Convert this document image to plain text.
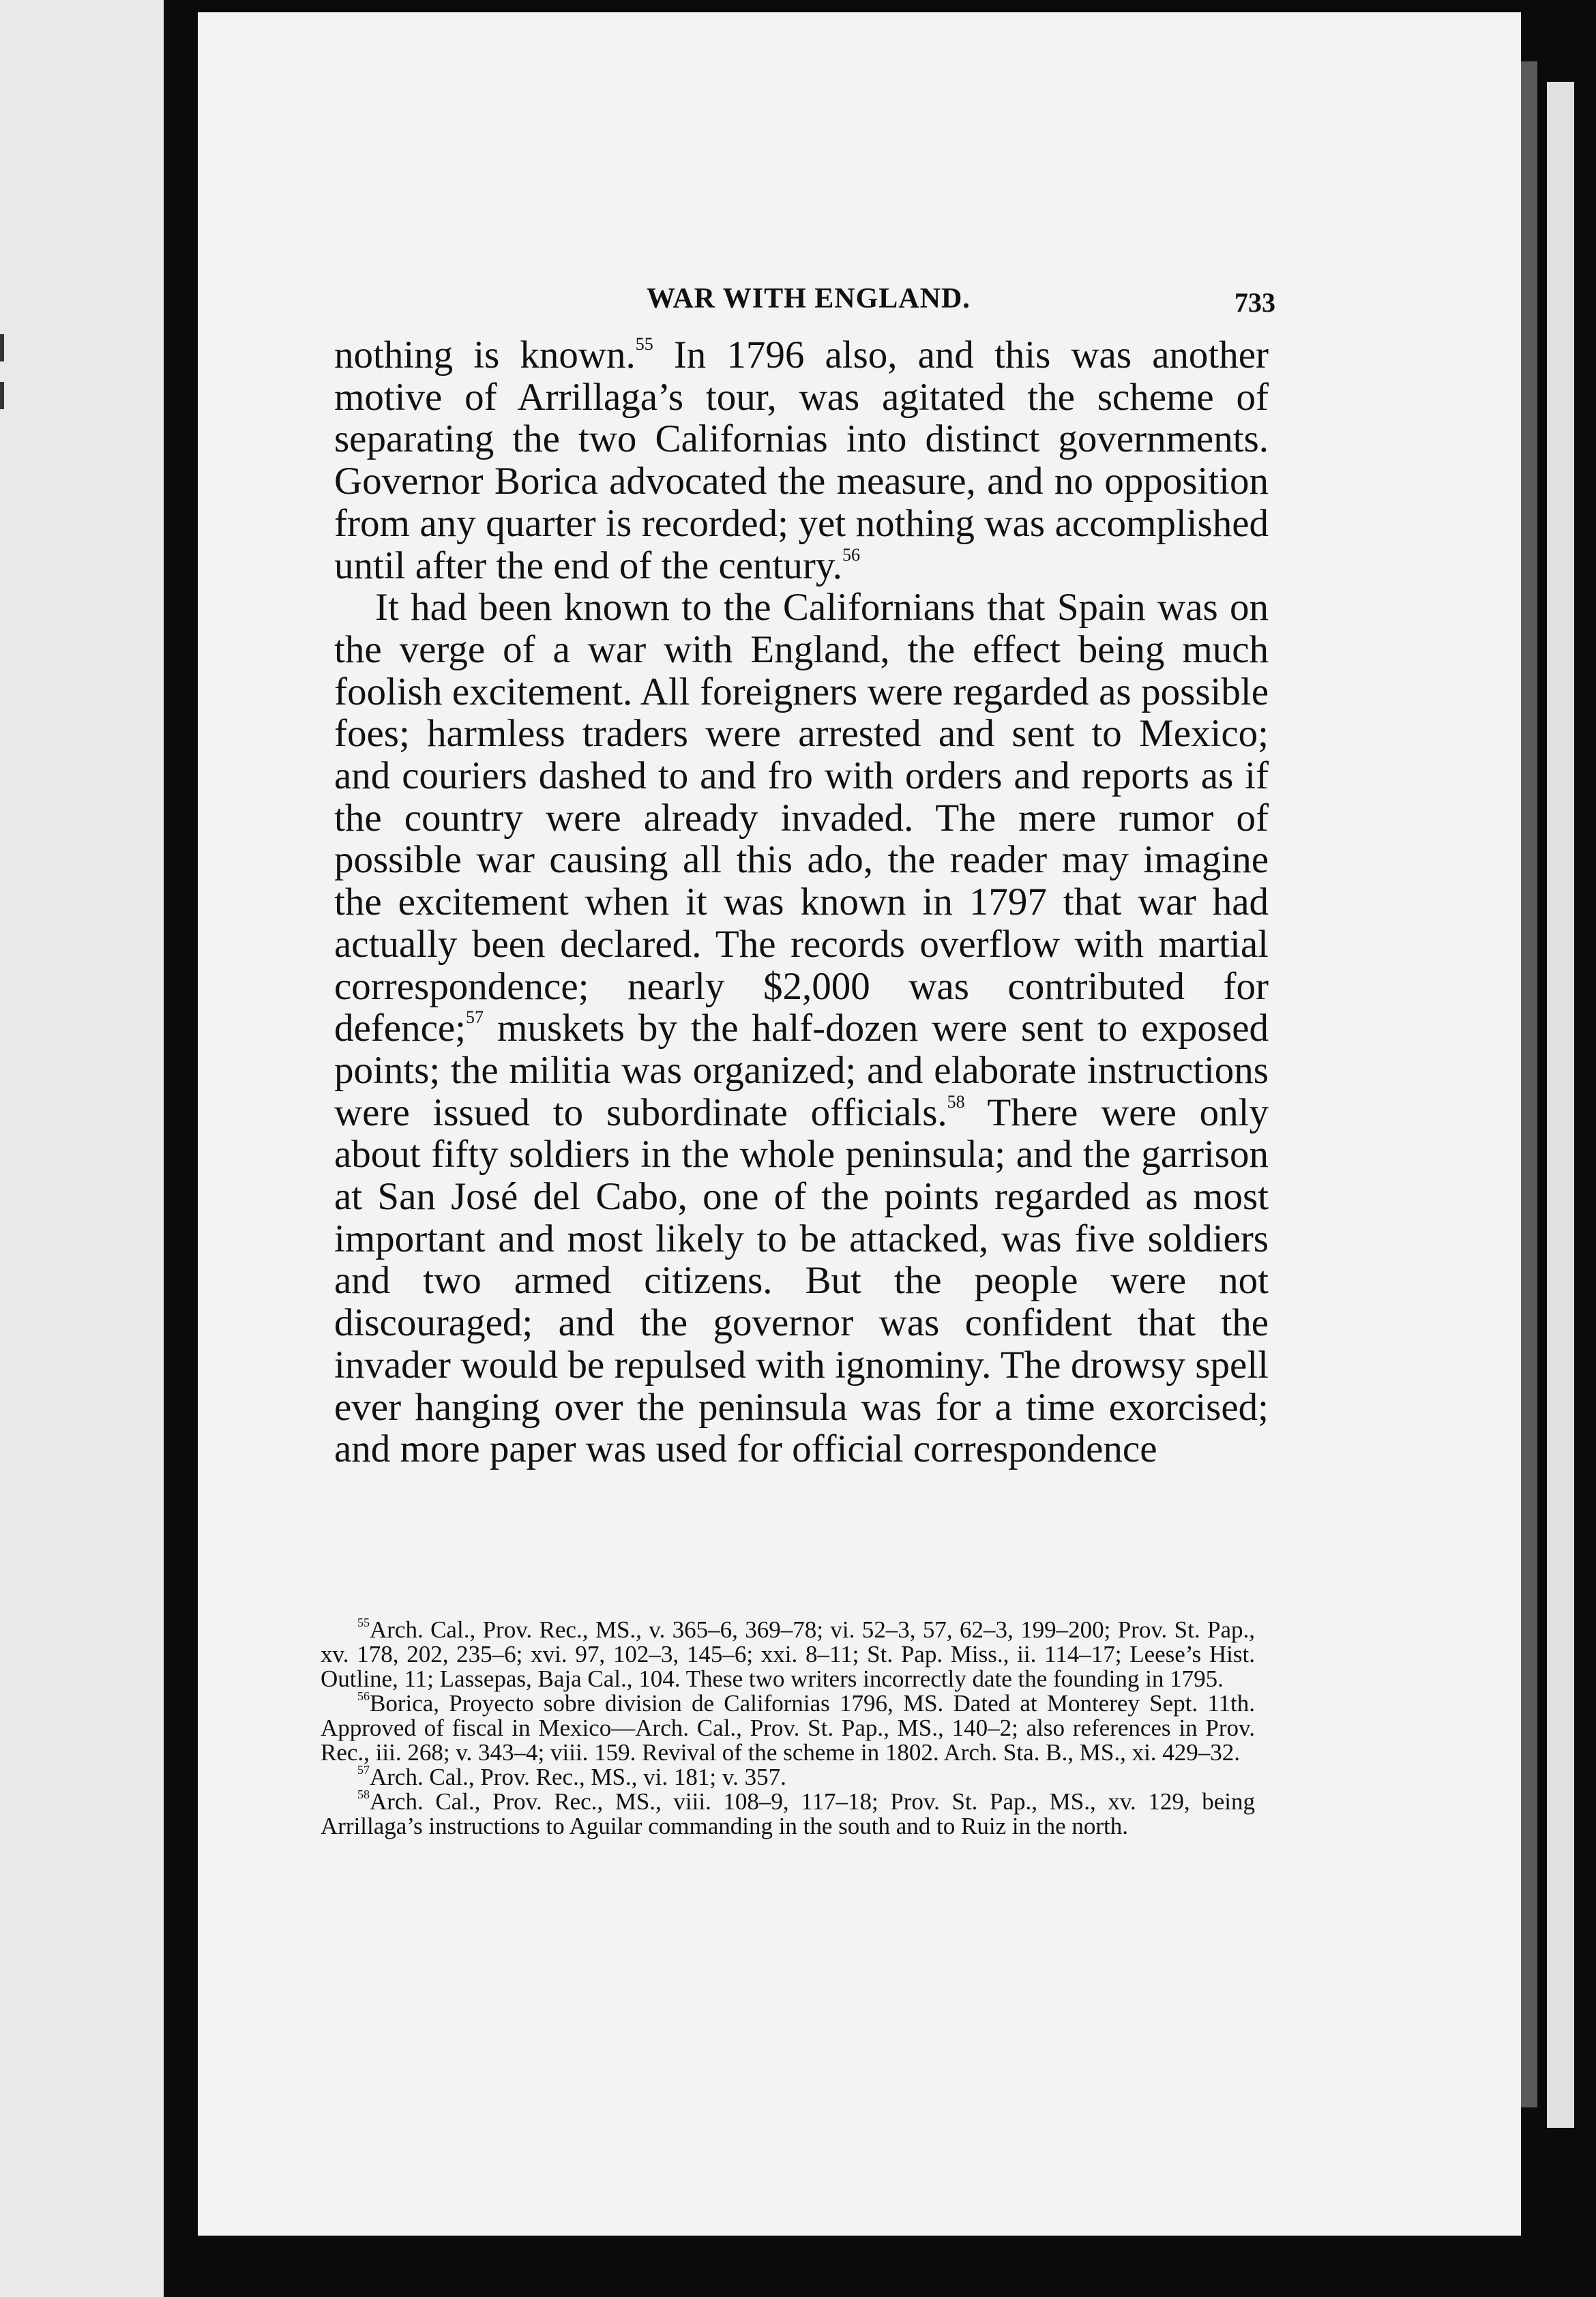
WAR WITH ENGLAND.	733

nothing is known.$^{55}$ In 1796 also, and this was another motive of Arrillaga’s tour, was agitated the scheme of separating the two Californias into distinct governments. Governor Borica advocated the measure, and no opposition from any quarter is recorded; yet nothing was accomplished until after the end of the century.$^{56}$

It had been known to the Californians that Spain was on the verge of a war with England, the effect being much foolish excitement. All foreigners were regarded as possible foes; harmless traders were arrested and sent to Mexico; and couriers dashed to and fro with orders and reports as if the country were already invaded. The mere rumor of possible war causing all this ado, the reader may imagine the excitement when it was known in 1797 that war had actually been declared. The records overflow with martial correspondence; nearly $2,000 was contributed for defence;$^{57}$ muskets by the half-dozen were sent to exposed points; the militia was organized; and elaborate instructions were issued to subordinate officials.$^{58}$ There were only about fifty soldiers in the whole peninsula; and the garrison at San José del Cabo, one of the points regarded as most important and most likely to be attacked, was five soldiers and two armed citizens. But the people were not discouraged; and the governor was confident that the invader would be repulsed with ignominy. The drowsy spell ever hanging over the peninsula was for a time exorcised; and more paper was used for official correspondence

$^{55}$Arch. Cal., Prov. Rec., MS., v. 365–6, 369–78; vi. 52–3, 57, 62–3, 199–200; Prov. St. Pap., xv. 178, 202, 235–6; xvi. 97, 102–3, 145–6; xxi. 8–11; St. Pap. Miss., ii. 114–17; Leese’s Hist. Outline, 11; Lassepas, Baja Cal., 104. These two writers incorrectly date the founding in 1795.

$^{56}$Borica, Proyecto sobre division de Californias 1796, MS. Dated at Monterey Sept. 11th. Approved of fiscal in Mexico—Arch. Cal., Prov. St. Pap., MS., 140–2; also references in Prov. Rec., iii. 268; v. 343–4; viii. 159. Revival of the scheme in 1802. Arch. Sta. B., MS., xi. 429–32.

$^{57}$Arch. Cal., Prov. Rec., MS., vi. 181; v. 357.

$^{58}$Arch. Cal., Prov. Rec., MS., viii. 108–9, 117–18; Prov. St. Pap., MS., xv. 129, being Arrillaga’s instructions to Aguilar commanding in the south and to Ruiz in the north.
